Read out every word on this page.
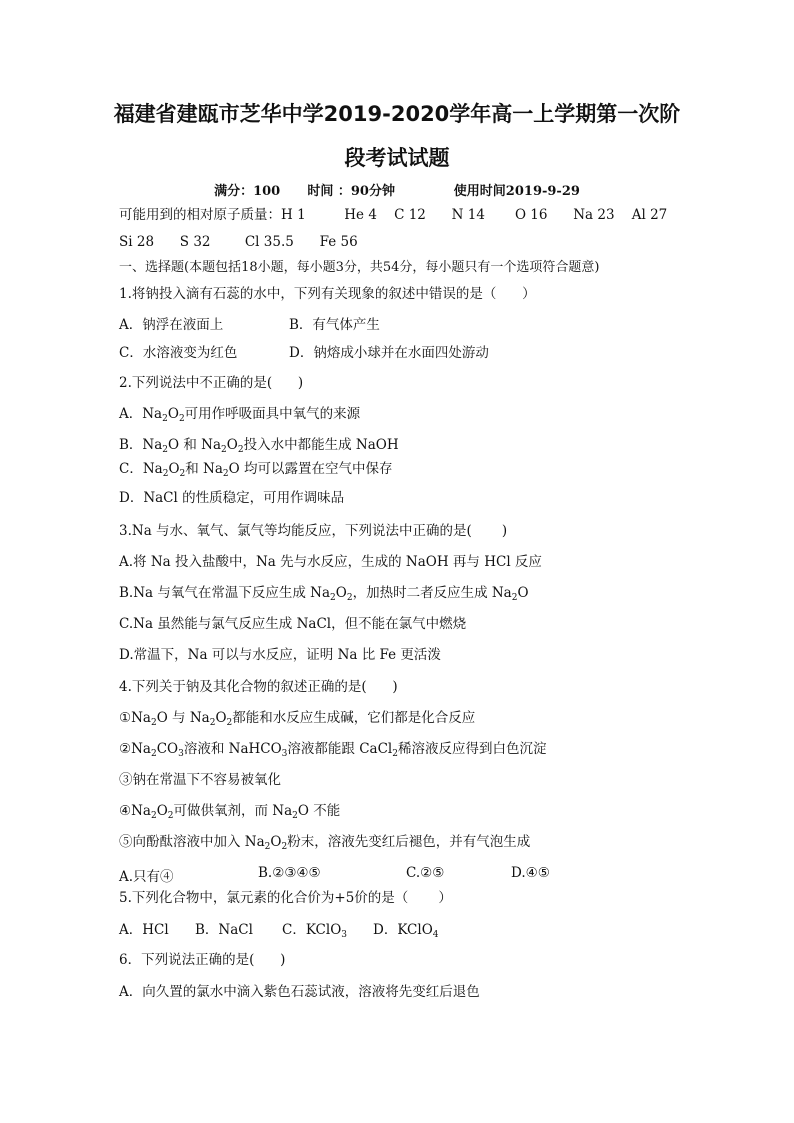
福建省建瓯市芝华中学2019-2020学年高一上学期第一次阶
段考试试题
满分：100      时间 ：90分钟             使用时间2019-9-29
可能用到的相对原子质量：H 1         He 4    C 12      N 14       O 16      Na 23    Al 27
Si 28      S 32        Cl 35.5      Fe 56
一、选择题(本题包括18小题，每小题3分，共54分，每小题只有一个选项符合题意)
1.将钠投入滴有石蕊的水中，下列有关现象的叙述中错误的是（      ）
A．钠浮在液面上	B．有气体产生
C．水溶液变为红色	D．钠熔成小球并在水面四处游动
2.下列说法中不正确的是(      )
A．$Na_2O_2$可用作呼吸面具中氧气的来源
B．$Na_2O$ 和 $Na_2O_2$投入水中都能生成 NaOH
C．$Na_2O_2$和 $Na_2O$ 均可以露置在空气中保存
D．NaCl 的性质稳定，可用作调味品
3.Na 与水、氧气、氯气等均能反应，下列说法中正确的是(       )
A.将 Na 投入盐酸中，Na 先与水反应，生成的 NaOH 再与 HCl 反应
B.Na 与氧气在常温下反应生成 $Na_2O_2$，加热时二者反应生成 $Na_2O$
C.Na 虽然能与氯气反应生成 NaCl，但不能在氯气中燃烧
D.常温下，Na 可以与水反应，证明 Na 比 Fe 更活泼
4.下列关于钠及其化合物的叙述正确的是(      )
$①Na_2O$ 与 $Na_2O_2$都能和水反应生成碱，它们都是化合反应
$②Na_2CO_3$溶液和 NaHCO$_3$溶液都能跟 CaCl$_2$稀溶液反应得到白色沉淀
③钠在常温下不容易被氧化
$④Na_2O_2$可做供氧剂，而 $Na_2O$ 不能
⑤向酚酞溶液中加入 $Na_2O_2$粉末，溶液先变红后褪色，并有气泡生成
A.只有④	B.②③④⑤	C.②⑤	D.④⑤
5.下列化合物中，氯元素的化合价为+5价的是（       ）
A．HCl B．NaCl C．KClO$_3$ D．KClO$_4$
6．下列说法正确的是(      )
A．向久置的氯水中滴入紫色石蕊试液，溶液将先变红后退色
